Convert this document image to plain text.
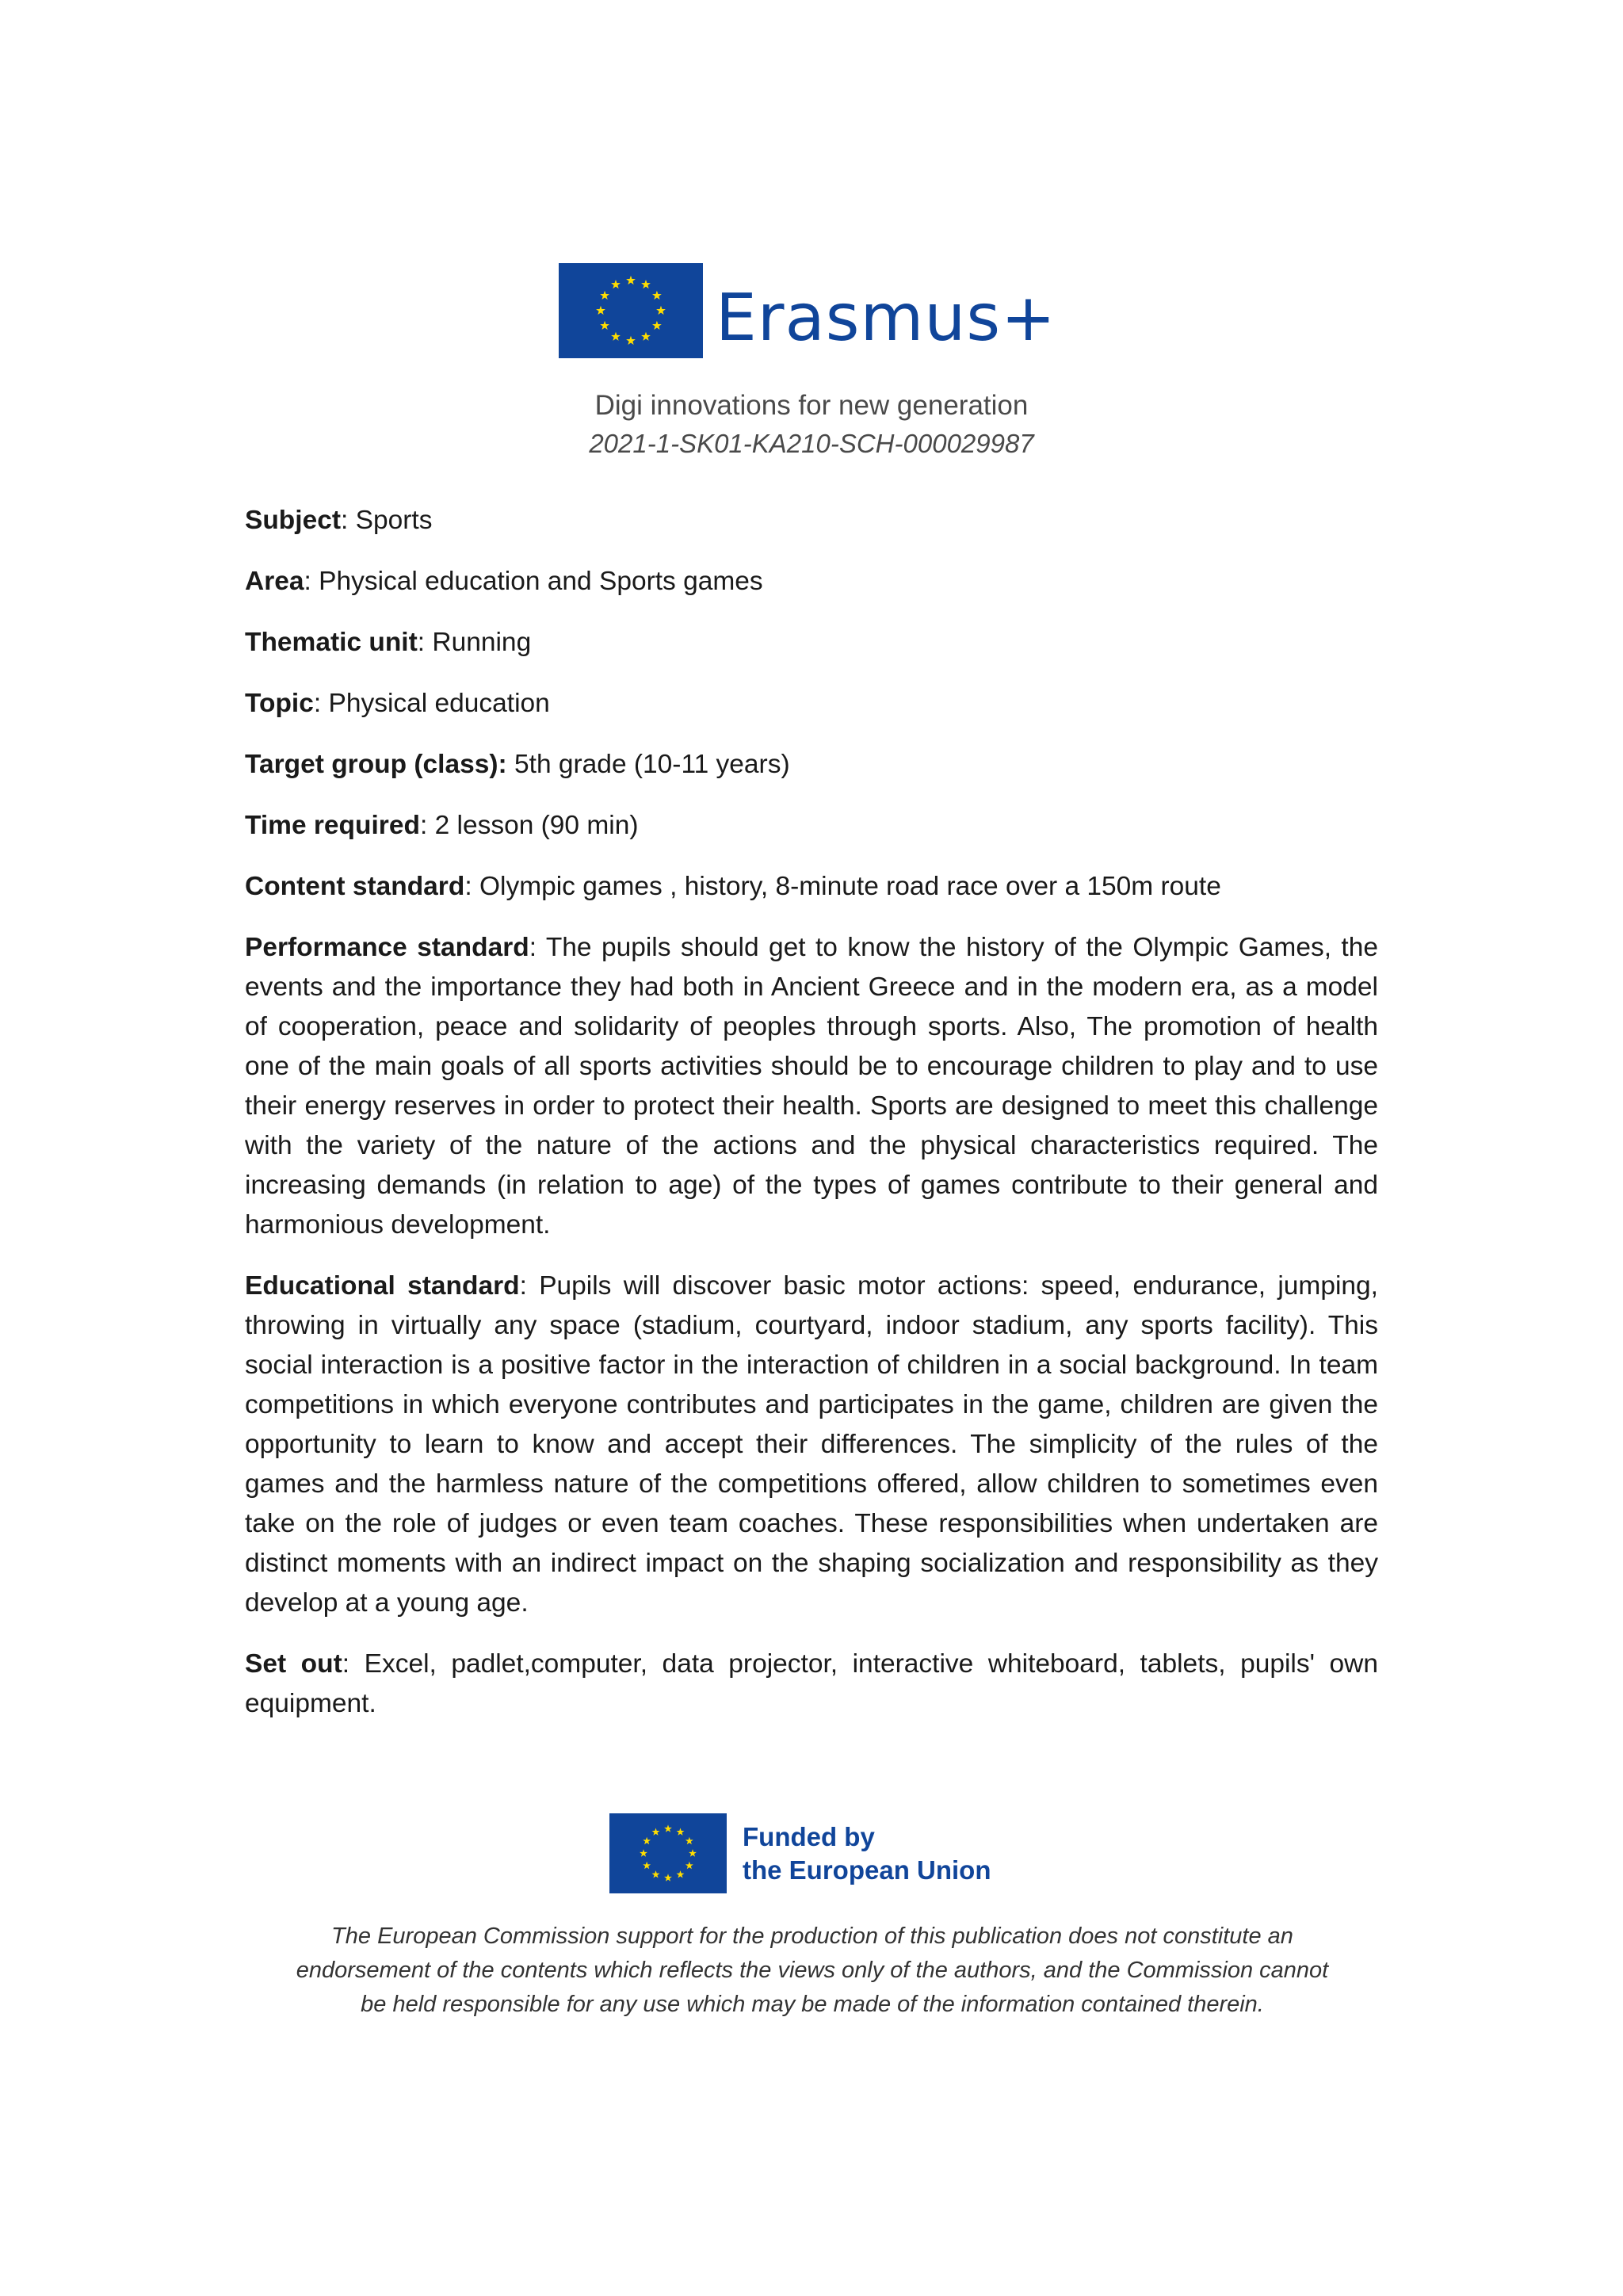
Erasmus+
Digi innovations for new generation
2021-1-SK01-KA210-SCH-000029987

Subject: Sports

Area: Physical education and Sports games

Thematic unit: Running

Topic: Physical education

Target group (class): 5th grade (10-11 years)

Time required: 2 lesson (90 min)

Content standard: Olympic games , history, 8-minute road race over a 150m route

Performance standard: The pupils should get to know the history of the Olympic Games, the events and the importance they had both in Ancient Greece and in the modern era, as a model of cooperation, peace and solidarity of peoples through sports. Also, The promotion of health one of the main goals of all sports activities should be to encourage children to play and to use their energy reserves in order to protect their health. Sports are designed to meet this challenge with the variety of the nature of the actions and the physical characteristics required. The increasing demands (in relation to age) of the types of games contribute to their general and harmonious development.

Educational standard: Pupils will discover basic motor actions: speed, endurance, jumping, throwing in virtually any space (stadium, courtyard, indoor stadium, any sports facility). This social interaction is a positive factor in the interaction of children in a social background. In team competitions in which everyone contributes and participates in the game, children are given the opportunity to learn to know and accept their differences. The simplicity of the rules of the games and the harmless nature of the competitions offered, allow children to sometimes even take on the role of judges or even team coaches. These responsibilities when undertaken are distinct moments with an indirect impact on the shaping socialization and responsibility as they develop at a young age.

Set out: Excel, padlet,computer, data projector, interactive whiteboard, tablets, pupils' own equipment.

Funded by
the European Union
The European Commission support for the production of this publication does not constitute an
endorsement of the contents which reflects the views only of the authors, and the Commission cannot
be held responsible for any use which may be made of the information contained therein.
